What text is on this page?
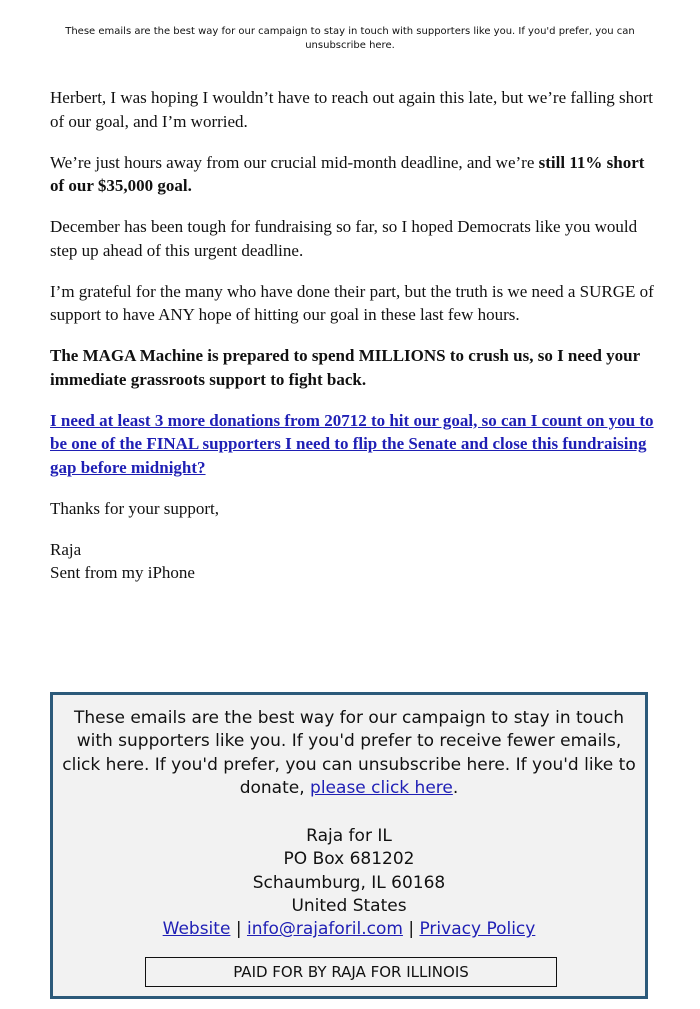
These emails are the best way for our campaign to stay in touch with supporters like you. If you'd prefer, you can unsubscribe here.

Herbert, I was hoping I wouldn’t have to reach out again this late, but we’re falling short of our goal, and I’m worried.

We’re just hours away from our crucial mid-month deadline, and we’re still 11% short of our $35,000 goal.

December has been tough for fundraising so far, so I hoped Democrats like you would step up ahead of this urgent deadline.

I’m grateful for the many who have done their part, but the truth is we need a SURGE of support to have ANY hope of hitting our goal in these last few hours.

The MAGA Machine is prepared to spend MILLIONS to crush us, so I need your immediate grassroots support to fight back.

I need at least 3 more donations from 20712 to hit our goal, so can I count on you to be one of the FINAL supporters I need to flip the Senate and close this fundraising gap before midnight?

Thanks for your support,

Raja
Sent from my iPhone

These emails are the best way for our campaign to stay in touch with supporters like you. If you'd prefer to receive fewer emails, click here. If you'd prefer, you can unsubscribe here. If you'd like to donate, please click here.
Raja for IL
PO Box 681202
Schaumburg, IL 60168
United States
Website | info@rajaforil.com | Privacy Policy
PAID FOR BY RAJA FOR ILLINOIS
